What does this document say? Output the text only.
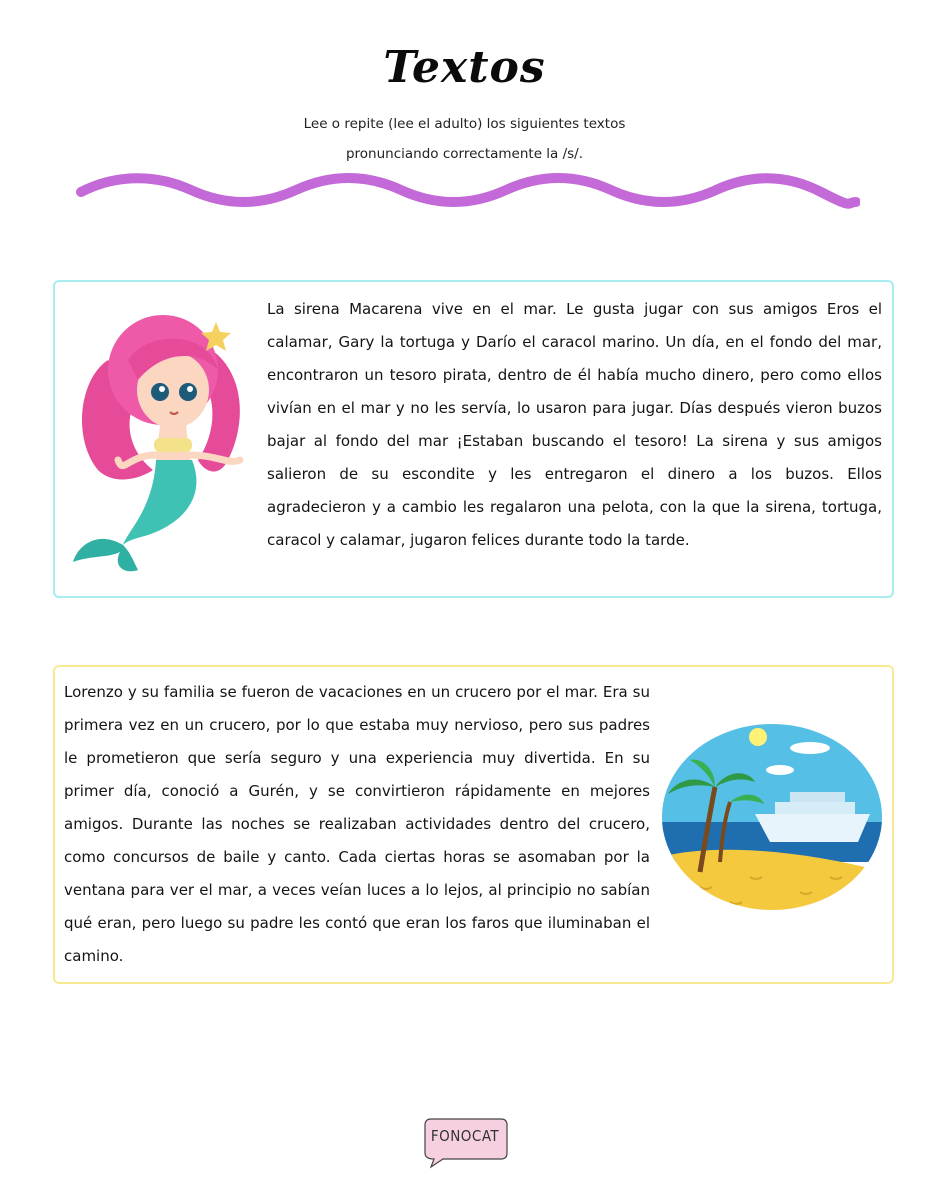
Textos
Lee o repite (lee el adulto) los siguientes textos
pronunciando correctamente la /s/.
La sirena Macarena vive en el mar. Le gusta jugar con sus amigos Eros el calamar, Gary la tortuga y Darío el caracol marino. Un día, en el fondo del mar, encontraron un tesoro pirata, dentro de él había mucho dinero, pero como ellos vivían en el mar y no les servía, lo usaron para jugar. Días después vieron buzos bajar al fondo del mar ¡Estaban buscando el tesoro! La sirena y sus amigos salieron de su escondite y les entregaron el dinero a los buzos. Ellos agradecieron y a cambio les regalaron una pelota, con la que la sirena, tortuga, caracol y calamar, jugaron felices durante todo la tarde.
Lorenzo y su familia se fueron de vacaciones en un crucero por el mar. Era su primera vez en un crucero, por lo que estaba muy nervioso, pero sus padres le prometieron que sería seguro y una experiencia muy divertida. En su primer día, conoció a Gurén, y se convirtieron rápidamente en mejores amigos. Durante las noches se realizaban actividades dentro del crucero, como concursos de baile y canto. Cada ciertas horas se asomaban por la ventana para ver el mar, a veces veían luces a lo lejos, al principio no sabían qué eran, pero luego su padre les contó que eran los faros que iluminaban el camino.
FONOCAT
